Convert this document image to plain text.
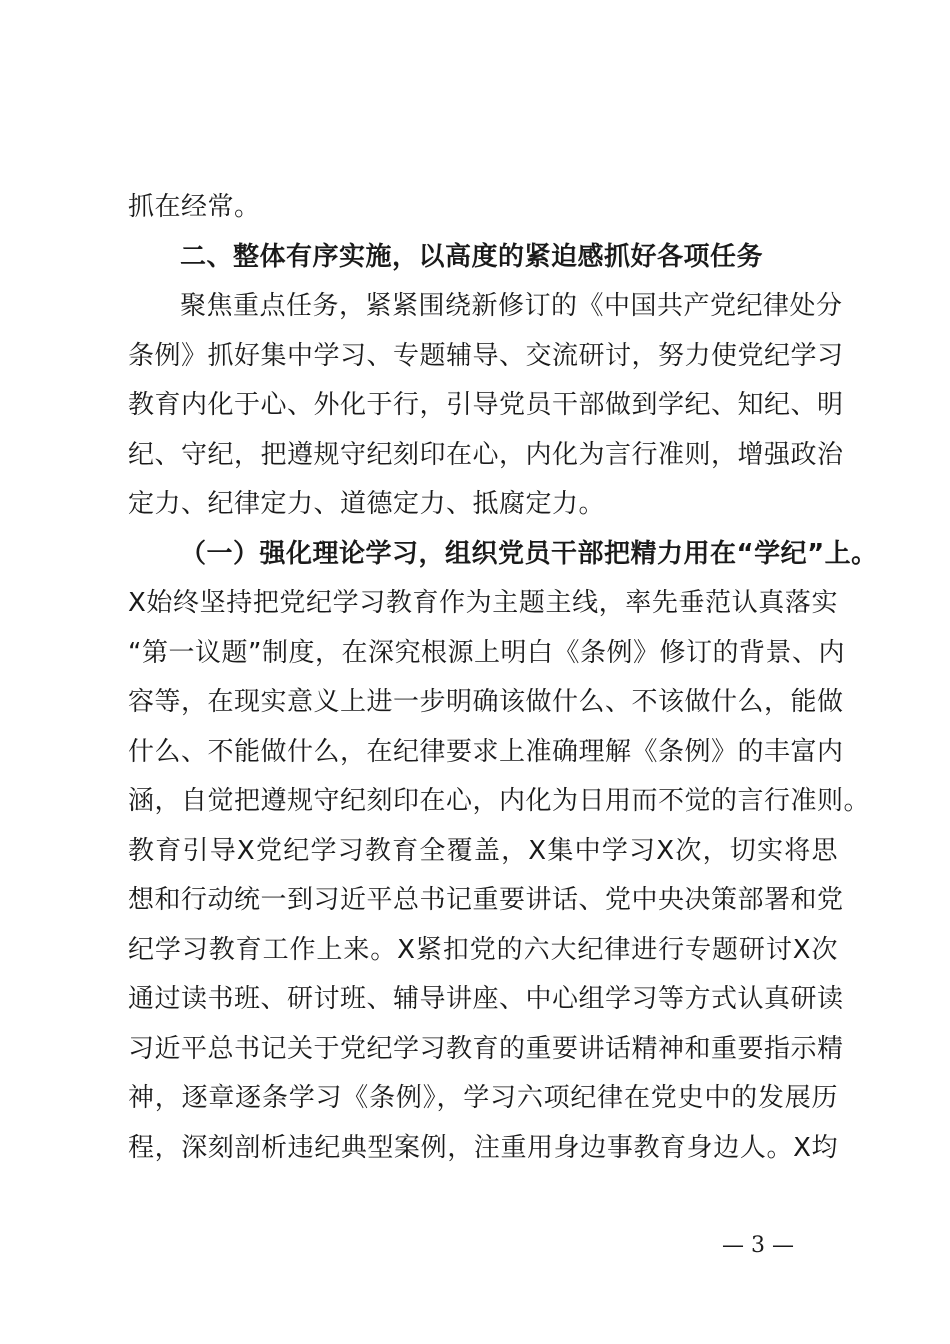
抓在经常。
二、整体有序实施，以高度的紧迫感抓好各项任务
聚焦重点任务，紧紧围绕新修订的《中国共产党纪律处分
条例》抓好集中学习、专题辅导、交流研讨，努力使党纪学习
教育内化于心、外化于行，引导党员干部做到学纪、知纪、明
纪、守纪，把遵规守纪刻印在心，内化为言行准则，增强政治
定力、纪律定力、道德定力、抵腐定力。
（一）强化理论学习，组织党员干部把精力用在“学纪”上。
X始终坚持把党纪学习教育作为主题主线，率先垂范认真落实
“第一议题”制度，在深究根源上明白《条例》修订的背景、内
容等，在现实意义上进一步明确该做什么、不该做什么，能做
什么、不能做什么，在纪律要求上准确理解《条例》的丰富内
涵，自觉把遵规守纪刻印在心，内化为日用而不觉的言行准则。
教育引导X党纪学习教育全覆盖，X集中学习X次，切实将思
想和行动统一到习近平总书记重要讲话、党中央决策部署和党
纪学习教育工作上来。X紧扣党的六大纪律进行专题研讨X次
通过读书班、研讨班、辅导讲座、中心组学习等方式认真研读
习近平总书记关于党纪学习教育的重要讲话精神和重要指示精
神，逐章逐条学习《条例》，学习六项纪律在党史中的发展历
程，深刻剖析违纪典型案例，注重用身边事教育身边人。X均
— 3 —
